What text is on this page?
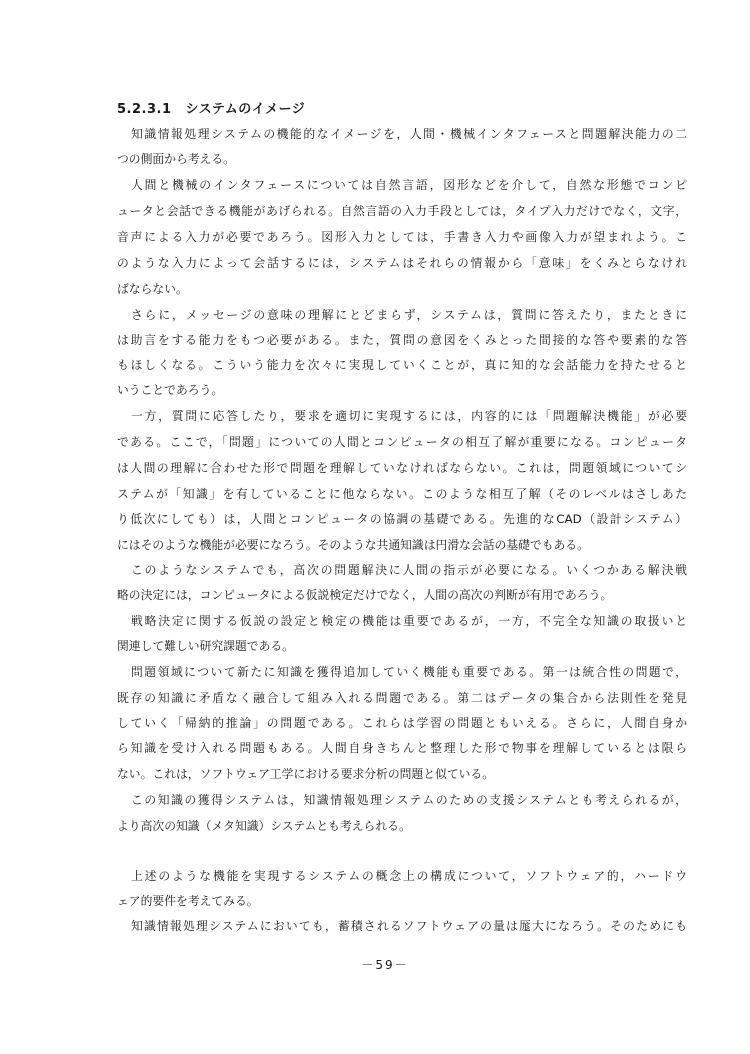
5.2.3.1 システムのイメージ
知識情報処理システムの機能的なイメージを，人間・機械インタフェースと問題解決能力の二
つの側面から考える。
人間と機械のインタフェースについては自然言語，図形などを介して，自然な形態でコンピ
ュータと会話できる機能があげられる。自然言語の入力手段としては，タイプ入力だけでなく，文字，
音声による入力が必要であろう。図形入力としては，手書き入力や画像入力が望まれよう。こ
のような入力によって会話するには，システムはそれらの情報から「意味」をくみとらなけれ
ばならない。
さらに，メッセージの意味の理解にとどまらず，システムは，質問に答えたり，またときに
は助言をする能力をもつ必要がある。また，質問の意図をくみとった間接的な答や要素的な答
もほしくなる。こういう能力を次々に実現していくことが，真に知的な会話能力を持たせると
いうことであろう。
一方，質問に応答したり，要求を適切に実現するには，内容的には「問題解決機能」が必要
である。ここで，「問題」についての人間とコンピュータの相互了解が重要になる。コンピュータ
は人間の理解に合わせた形で問題を理解していなければならない。これは，問題領域についてシ
ステムが「知識」を有していることに他ならない。このような相互了解（そのレベルはさしあた
り低次にしても）は，人間とコンピュータの協調の基礎である。先進的なCAD（設計システム）
にはそのような機能が必要になろう。そのような共通知識は円滑な会話の基礎でもある。
このようなシステムでも，高次の問題解決に人間の指示が必要になる。いくつかある解決戦
略の決定には，コンピュータによる仮説検定だけでなく，人間の高次の判断が有用であろう。
戦略決定に関する仮説の設定と検定の機能は重要であるが，一方，不完全な知識の取扱いと
関連して難しい研究課題である。
問題領域について新たに知識を獲得追加していく機能も重要である。第一は統合性の問題で，
既存の知識に矛盾なく融合して組み入れる問題である。第二はデータの集合から法則性を発見
していく「帰納的推論」の問題である。これらは学習の問題ともいえる。さらに，人間自身か
ら知識を受け入れる問題もある。人間自身きちんと整理した形で物事を理解しているとは限ら
ない。これは，ソフトウェア工学における要求分析の問題と似ている。
この知識の獲得システムは，知識情報処理システムのための支援システムとも考えられるが，
より高次の知識（メタ知識）システムとも考えられる。
上述のような機能を実現するシステムの概念上の構成について，ソフトウェア的，ハードウ
ェア的要件を考えてみる。
知識情報処理システムにおいても，蓄積されるソフトウェアの量は厖大になろう。そのためにも
－59－
